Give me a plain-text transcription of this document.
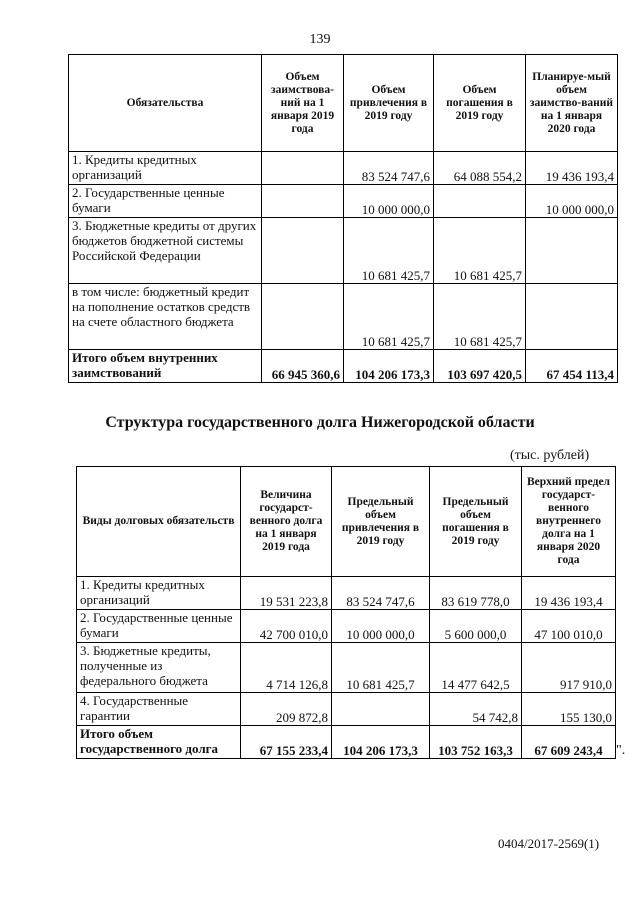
139
Обязательства	Объем заимствова-ний на 1 января 2019 года	Объем привлечения в 2019 году	Объем погашения в 2019 году	Планируе-мый объем заимство-ваний на 1 января 2020 года
1. Кредиты кредитных организаций		83 524 747,6	64 088 554,2	19 436 193,4
2. Государственные ценные бумаги		10 000 000,0		10 000 000,0
3. Бюджетные кредиты от других бюджетов бюджетной системы Российской Федерации		10 681 425,7	10 681 425,7	
в том числе: бюджетный кредит на пополнение остатков средств на счете областного бюджета		10 681 425,7	10 681 425,7	
Итого объем внутренних заимствований	66 945 360,6	104 206 173,3	103 697 420,5	67 454 113,4
Структура государственного долга Нижегородской области
(тыс. рублей)
Виды долговых обязательств	Величина государст-венного долга на 1 января 2019 года	Предельный объем привлечения в 2019 году	Предельный объем погашения в 2019 году	Верхний предел государст-венного внутреннего долга на 1 января 2020 года
1. Кредиты кредитных организаций	19 531 223,8	83 524 747,6	83 619 778,0	19 436 193,4
2. Государственные ценные бумаги	42 700 010,0	10 000 000,0	5 600 000,0	47 100 010,0
3. Бюджетные кредиты, полученные из федерального бюджета	4 714 126,8	10 681 425,7	14 477 642,5	917 910,0
4. Государственные гарантии	209 872,8		54 742,8	155 130,0
Итого объем государственного долга	67 155 233,4	104 206 173,3	103 752 163,3	67 609 243,4 ".
0404/2017-2569(1)
